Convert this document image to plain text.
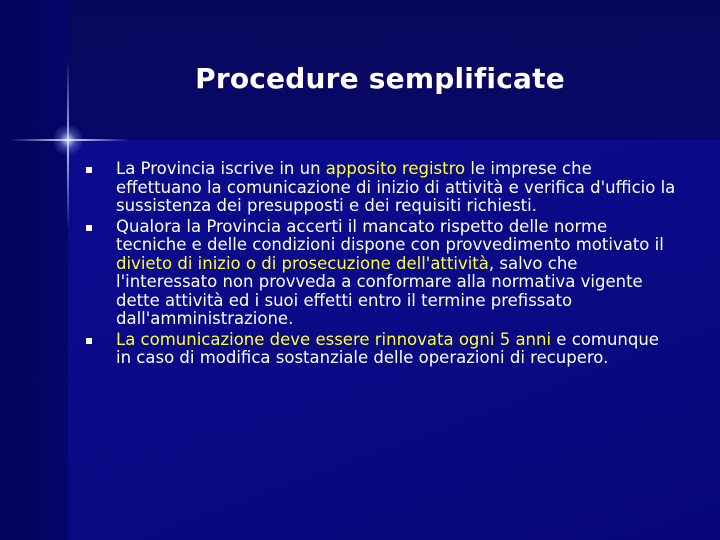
Procedure semplificate
La Provincia iscrive in un apposito registro le imprese che effettuano la comunicazione di inizio di attività e verifica d'ufficio la sussistenza dei presupposti e dei requisiti richiesti.
Qualora la Provincia accerti il mancato rispetto delle norme tecniche e delle condizioni dispone con provvedimento motivato il divieto di inizio o di prosecuzione dell'attività, salvo che l'interessato non provveda a conformare alla normativa vigente dette attività ed i suoi effetti entro il termine prefissato dall'amministrazione.
La comunicazione deve essere rinnovata ogni 5 anni e comunque in caso di modifica sostanziale delle operazioni di recupero.
